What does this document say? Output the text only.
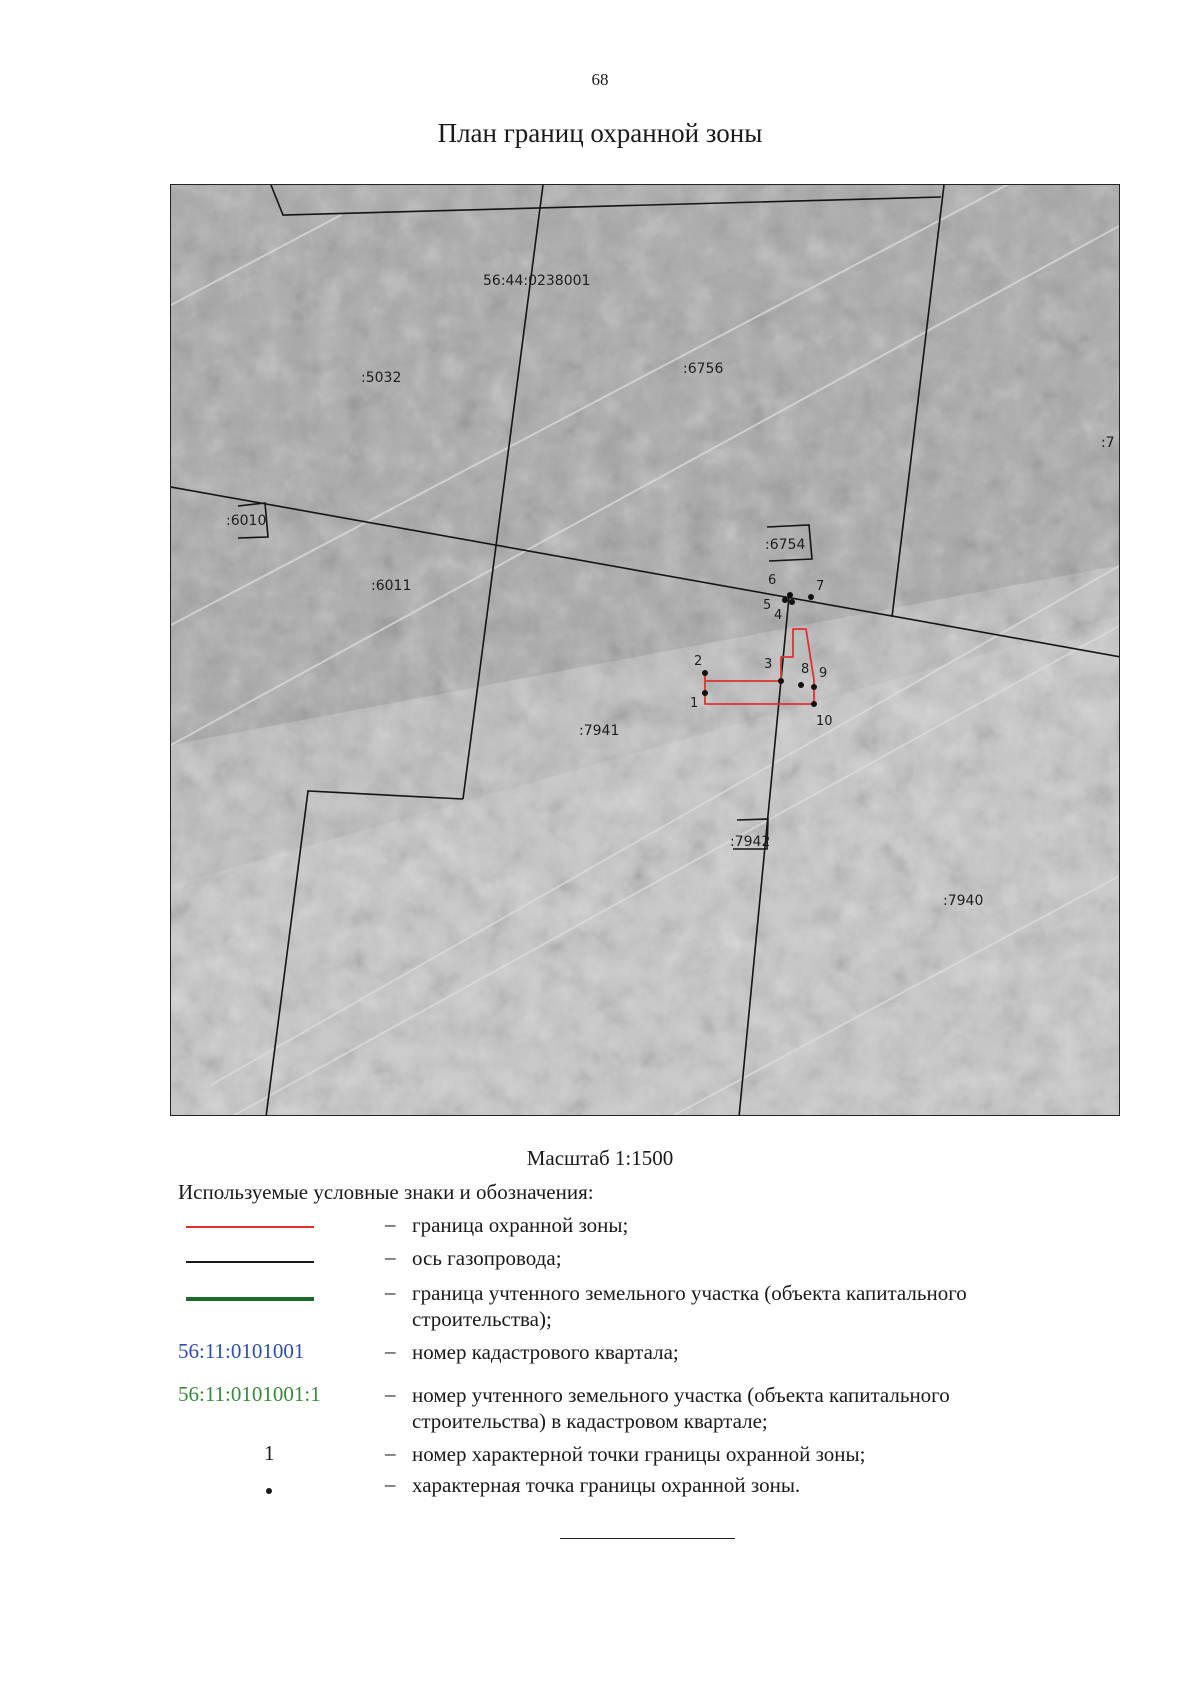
68
План границ охранной зоны
1
2	3
4
5
6	7
8 9
10
56:44:0238001
:5032
:6756
:6010
:6011
:6754
:7941
:7942
:7940
:7
Масштаб 1:1500
Используемые условные знаки и обозначения:
– граница охранной зоны;
– ось газопровода;
– граница учтенного земельного участка (объекта капитального строительства);
56:11:0101001	– номер кадастрового квартала;
56:11:0101001:1	– номер учтенного земельного участка (объекта капитального строительства) в кадастровом квартале;
1	– номер характерной точки границы охранной зоны;
– характерная точка границы охранной зоны.
